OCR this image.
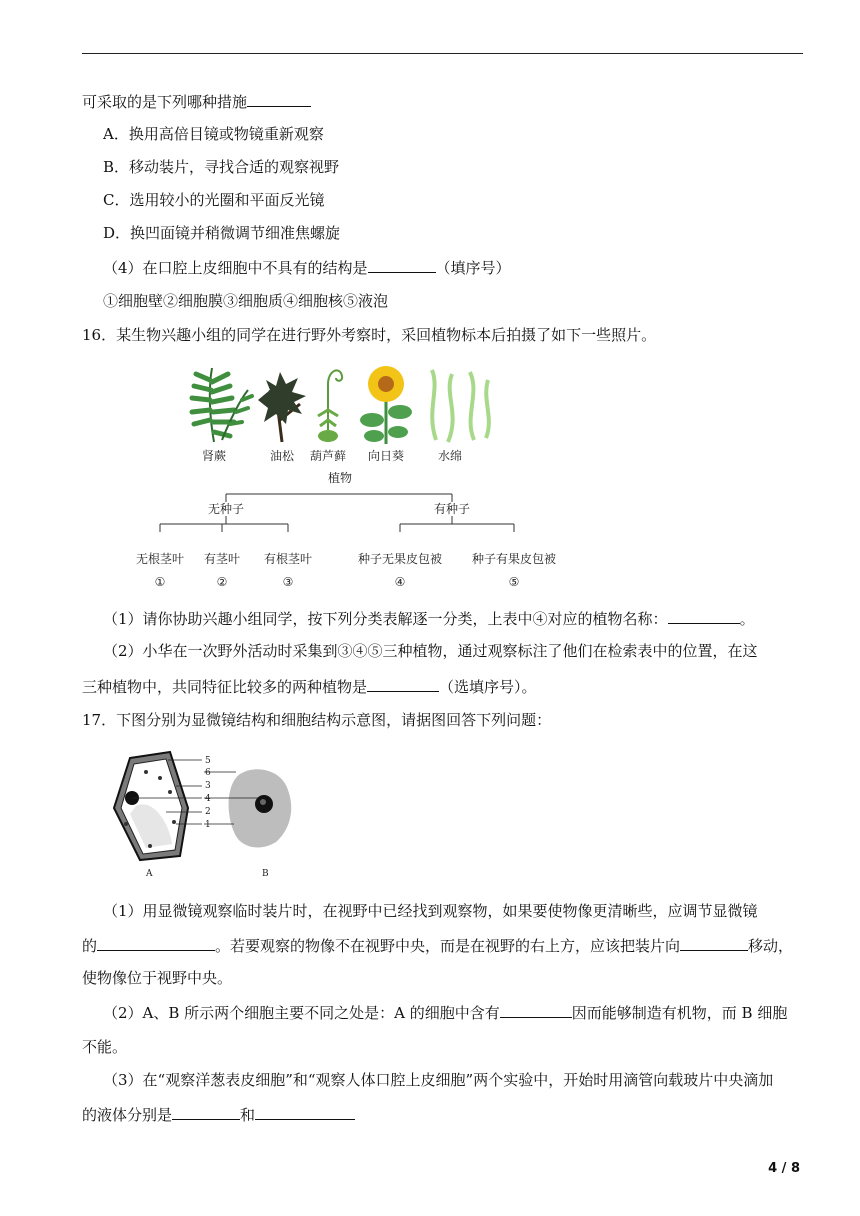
可采取的是下列哪种措施
A．换用高倍目镜或物镜重新观察
B．移动装片，寻找合适的观察视野
C．选用较小的光圈和平面反光镜
D．换凹面镜并稍微调节细准焦螺旋
（4）在口腔上皮细胞中不具有的结构是	（填序号）
①细胞壁②细胞膜③细胞质④细胞核⑤液泡
16．某生物兴趣小组的同学在进行野外考察时，采回植物标本后拍摄了如下一些照片。
肾蕨	油松 葫芦藓 向日葵	水绵
植物
无种子	有种子
无根茎叶 有茎叶 有根茎叶	种子无果皮包被 种子有果皮包被
①	②	③	④	⑤
（1）请你协助兴趣小组同学，按下列分类表解逐一分类，上表中④对应的植物名称：	。
（2）小华在一次野外活动时采集到③④⑤三种植物，通过观察标注了他们在检索表中的位置，在这
三种植物中，共同特征比较多的两种植物是	（选填序号）。
17．下图分别为显微镜结构和细胞结构示意图，请据图回答下列问题：
5
6
3
4
2
1
A	B
（1）用显微镜观察临时装片时，在视野中已经找到观察物，如果要使物像更清晰些，应调节显微镜
的	。若要观察的物像不在视野中央，而是在视野的右上方，应该把装片向	移动，
使物像位于视野中央。
（2）A、B 所示两个细胞主要不同之处是：A 的细胞中含有	因而能够制造有机物，而 B 细胞
不能。
（3）在“观察洋葱表皮细胞”和“观察人体口腔上皮细胞”两个实验中，开始时用滴管向载玻片中央滴加
的液体分别是	和
4 / 8
